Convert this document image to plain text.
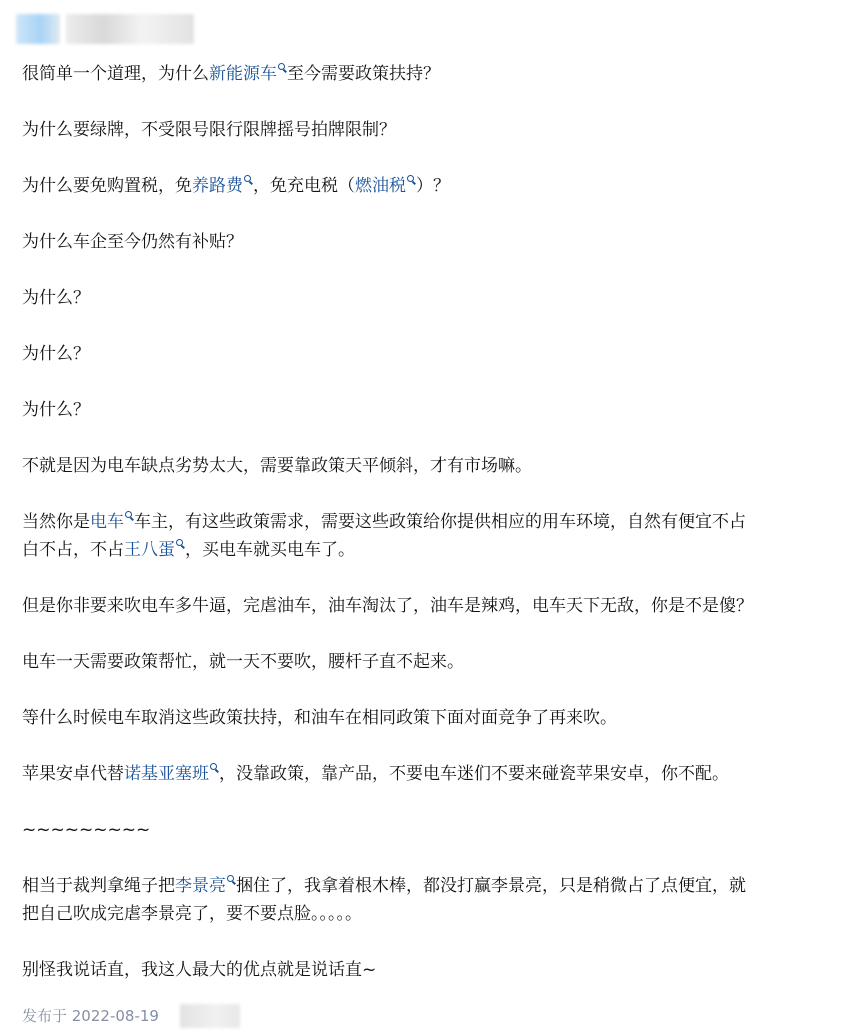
很简单一个道理，为什么新能源车 至今需要政策扶持？
为什么要绿牌，不受限号限行限牌摇号拍牌限制？
为什么要免购置税，免养路费 ，免充电税（燃油税 ）？
为什么车企至今仍然有补贴？
为什么？
为什么？
为什么？
不就是因为电车缺点劣势太大，需要靠政策天平倾斜，才有市场嘛。
当然你是电车 车主，有这些政策需求，需要这些政策给你提供相应的用车环境，自然有便宜不占
白不占，不占王八蛋 ，买电车就买电车了。
但是你非要来吹电车多牛逼，完虐油车，油车淘汰了，油车是辣鸡，电车天下无敌，你是不是傻？
电车一天需要政策帮忙，就一天不要吹，腰杆子直不起来。
等什么时候电车取消这些政策扶持，和油车在相同政策下面对面竞争了再来吹。
苹果安卓代替诺基亚塞班 ，没靠政策，靠产品，不要电车迷们不要来碰瓷苹果安卓，你不配。
~~~~~~~~~
相当于裁判拿绳子把李景亮 捆住了，我拿着根木棒，都没打赢李景亮，只是稍微占了点便宜，就
把自己吹成完虐李景亮了，要不要点脸。。。。。
别怪我说话直，我这人最大的优点就是说话直~
发布于 2022-08-19
